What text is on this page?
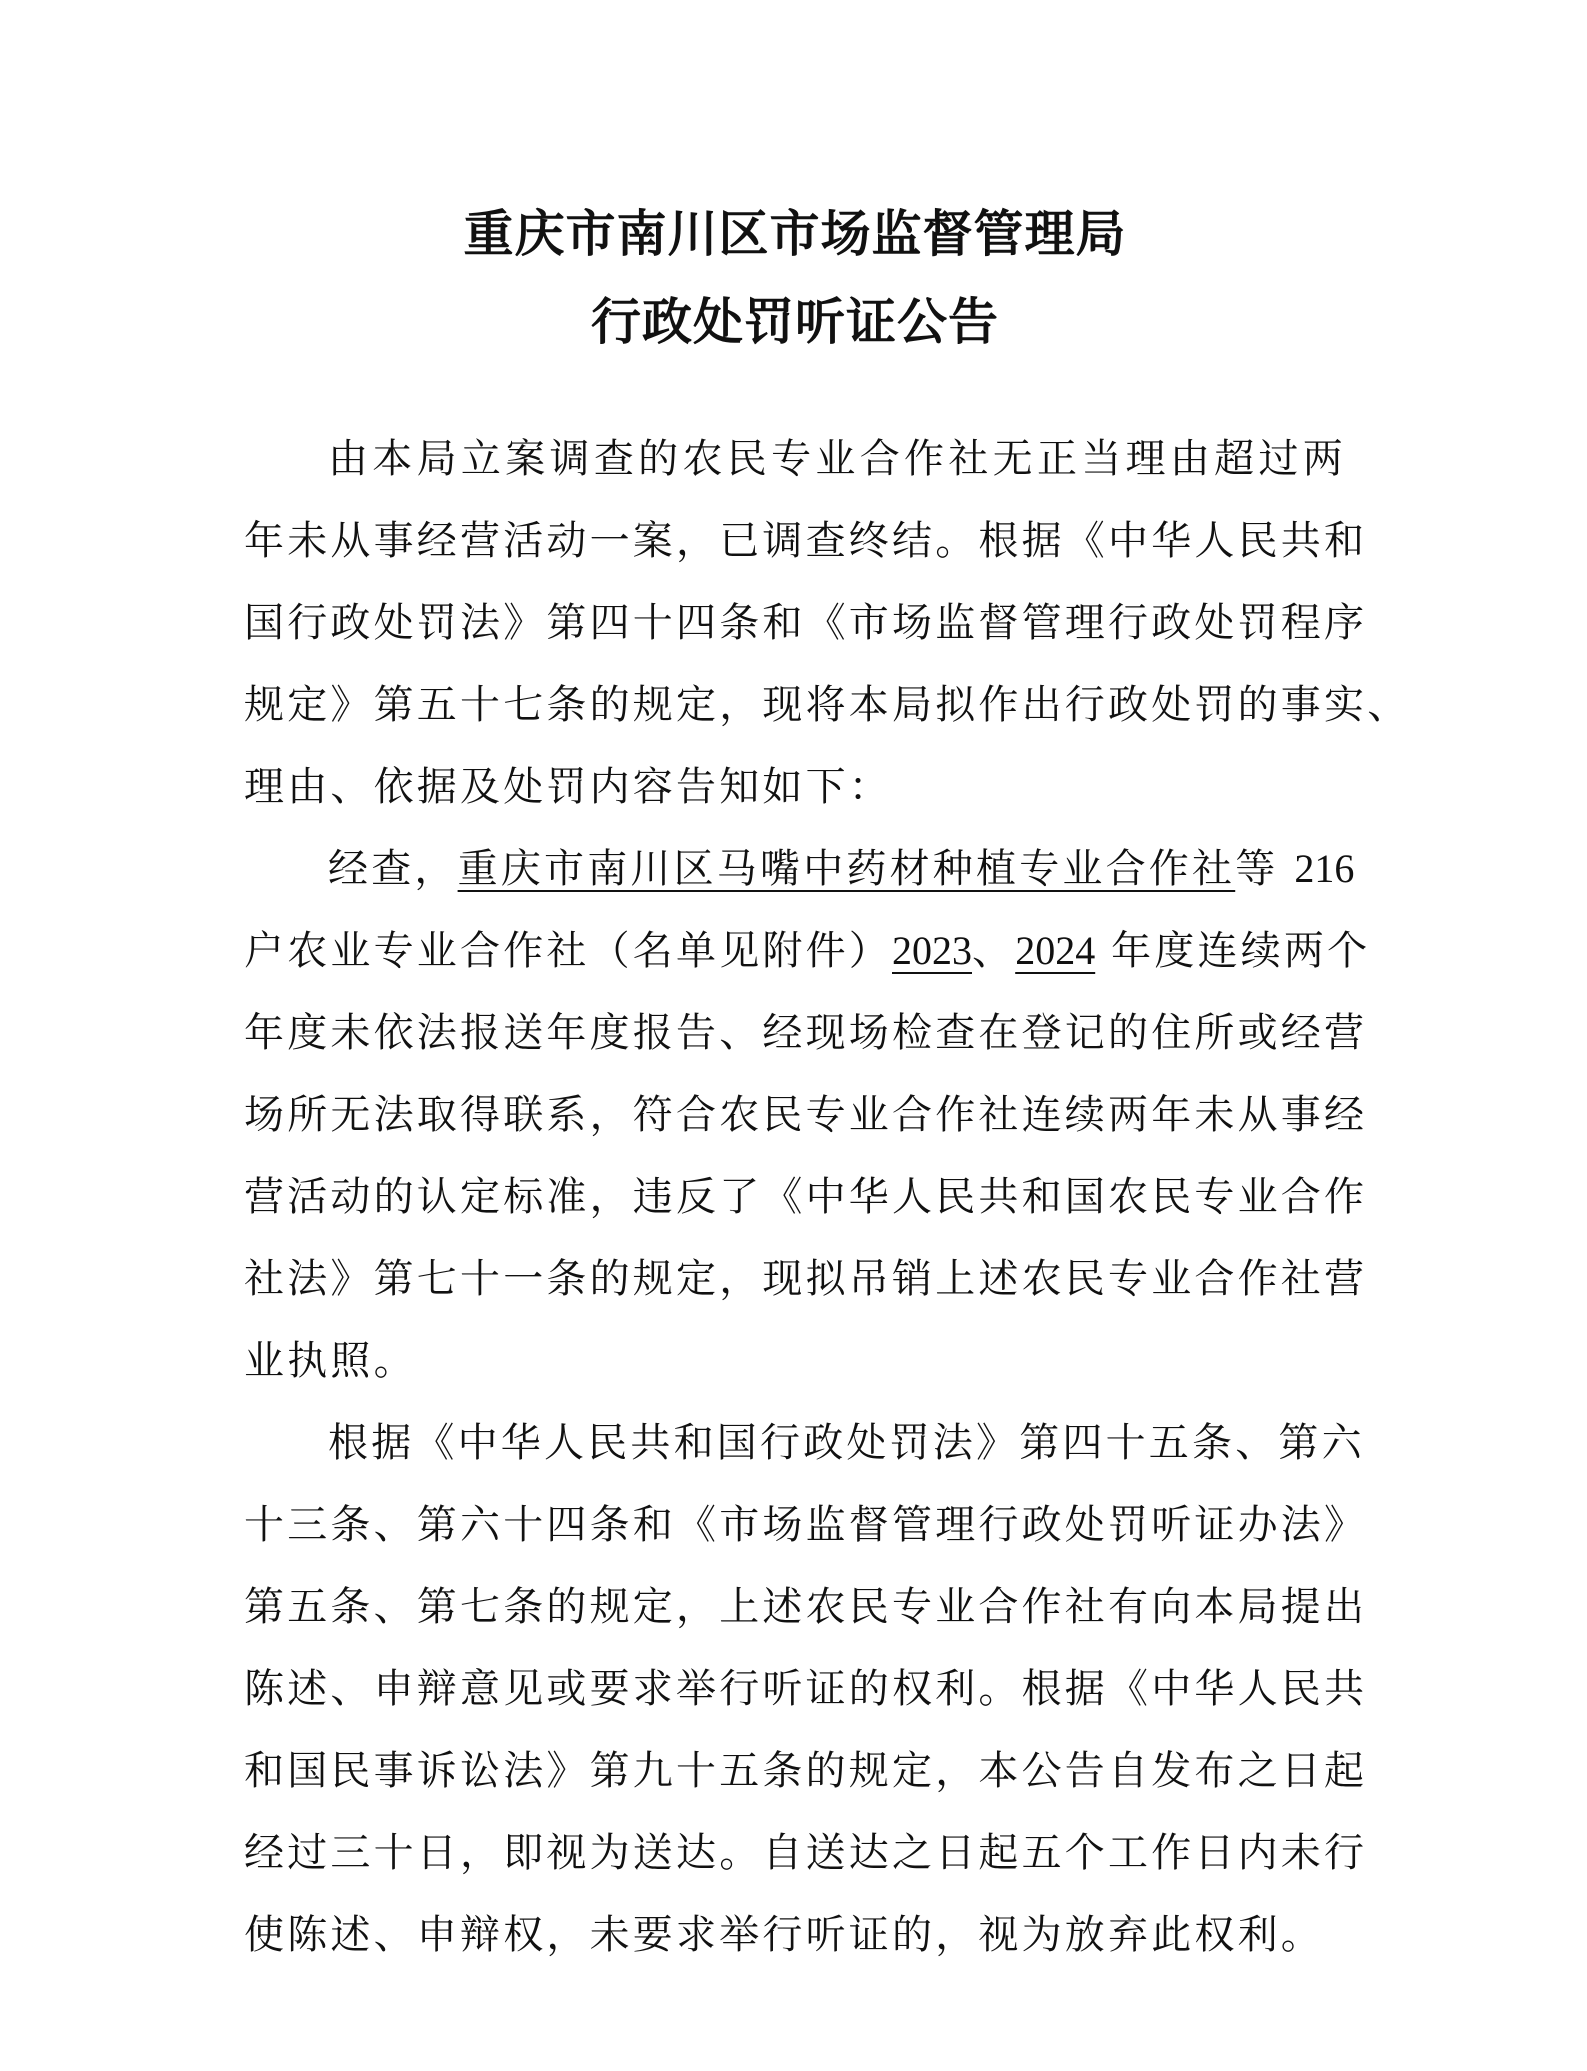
重庆市南川区市场监督管理局
行政处罚听证公告
由本局立案调查的农民专业合作社无正当理由超过两
年未从事经营活动一案，已调查终结。根据《中华人民共和
国行政处罚法》第四十四条和《市场监督管理行政处罚程序
规定》第五十七条的规定，现将本局拟作出行政处罚的事实、
理由、依据及处罚内容告知如下：
经查，重庆市南川区马嘴中药材种植专业合作社等 216
户农业专业合作社（名单见附件）2023、2024 年度连续两个
年度未依法报送年度报告、经现场检查在登记的住所或经营
场所无法取得联系，符合农民专业合作社连续两年未从事经
营活动的认定标准，违反了《中华人民共和国农民专业合作
社法》第七十一条的规定，现拟吊销上述农民专业合作社营
业执照。
根据《中华人民共和国行政处罚法》第四十五条、第六
十三条、第六十四条和《市场监督管理行政处罚听证办法》
第五条、第七条的规定，上述农民专业合作社有向本局提出
陈述、申辩意见或要求举行听证的权利。根据《中华人民共
和国民事诉讼法》第九十五条的规定，本公告自发布之日起
经过三十日，即视为送达。自送达之日起五个工作日内未行
使陈述、申辩权，未要求举行听证的，视为放弃此权利。
